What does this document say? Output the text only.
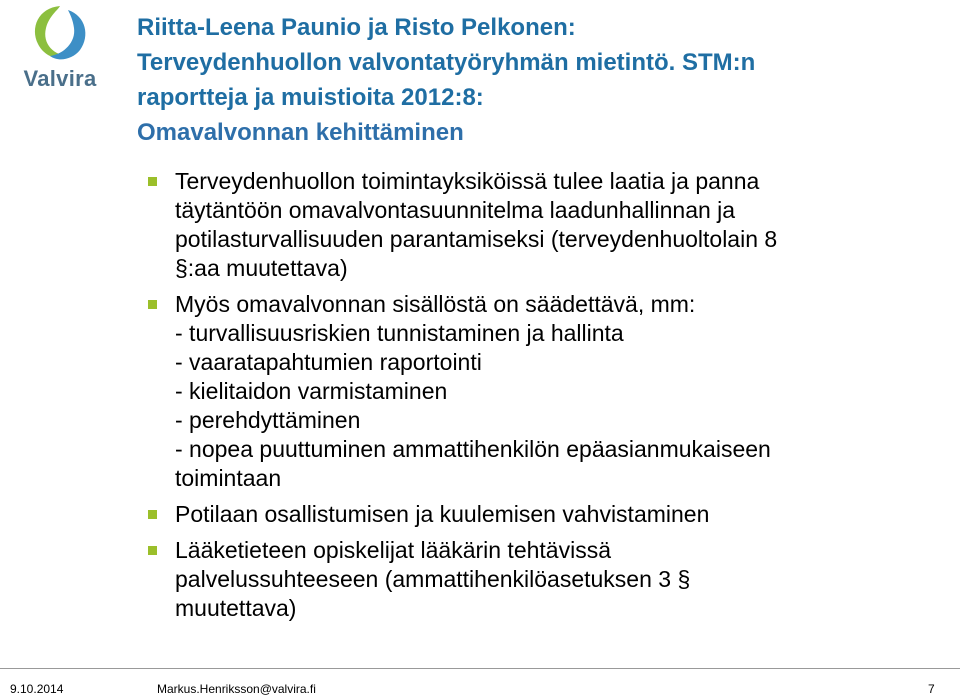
Valvira
Riitta-Leena Paunio ja Risto Pelkonen:
Terveydenhuollon valvontatyöryhmän mietintö. STM:n
raportteja ja muistioita 2012:8:
Omavalvonnan kehittäminen

Terveydenhuollon toimintayksiköissä tulee laatia ja panna
täytäntöön omavalvontasuunnitelma laadunhallinnan ja
potilasturvallisuuden parantamiseksi (terveydenhuoltolain 8
§:aa muutettava)

Myös omavalvonnan sisällöstä on säädettävä, mm:
- turvallisuusriskien tunnistaminen ja hallinta
- vaaratapahtumien raportointi
- kielitaidon varmistaminen
- perehdyttäminen
- nopea puuttuminen ammattihenkilön epäasianmukaiseen
toimintaan

Potilaan osallistumisen ja kuulemisen vahvistaminen

Lääketieteen opiskelijat lääkärin tehtävissä
palvelussuhteeseen (ammattihenkilöasetuksen 3 §
muutettava)

9.10.2014	Markus.Henriksson@valvira.fi	7
